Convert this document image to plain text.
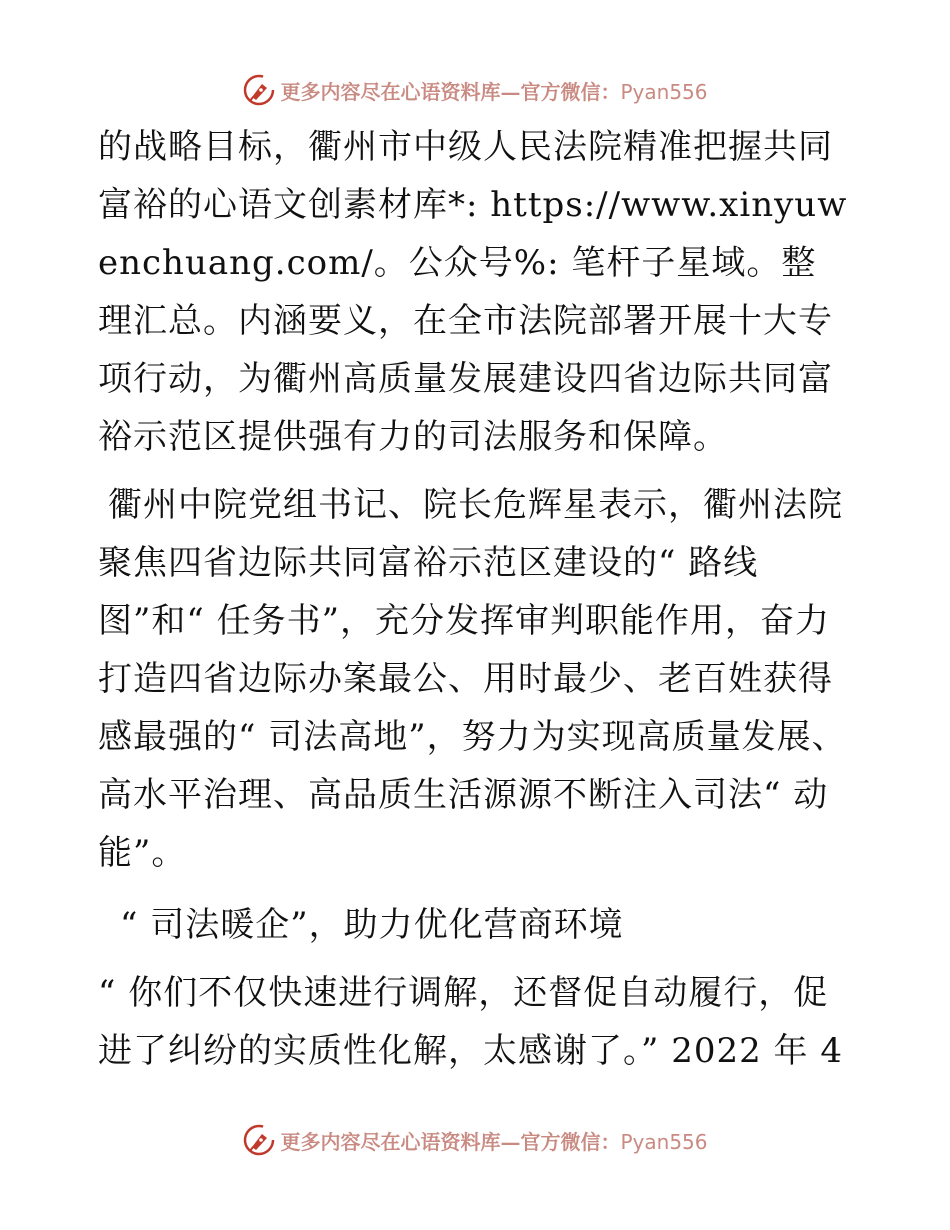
更多内容尽在心语资料库—官方微信：Pyan556

的战略目标，衢州市中级人民法院精准把握共同富裕的心语文创素材库*: https://www.xinyuwenchuang.com/。公众号%: 笔杆子星域。整理汇总。内涵要义，在全市法院部署开展十大专项行动，为衢州高质量发展建设四省边际共同富裕示范区提供强有力的司法服务和保障。

衢州中院党组书记、院长危辉星表示，衢州法院聚焦四省边际共同富裕示范区建设的“ 路线图”和“ 任务书”，充分发挥审判职能作用，奋力打造四省边际办案最公、用时最少、老百姓获得感最强的“ 司法高地”，努力为实现高质量发展、高水平治理、高品质生活源源不断注入司法“ 动能”。

“ 司法暖企”，助力优化营商环境

“ 你们不仅快速进行调解，还督促自动履行，促进了纠纷的实质性化解，太感谢了。” 2022 年 4

更多内容尽在心语资料库—官方微信：Pyan556
